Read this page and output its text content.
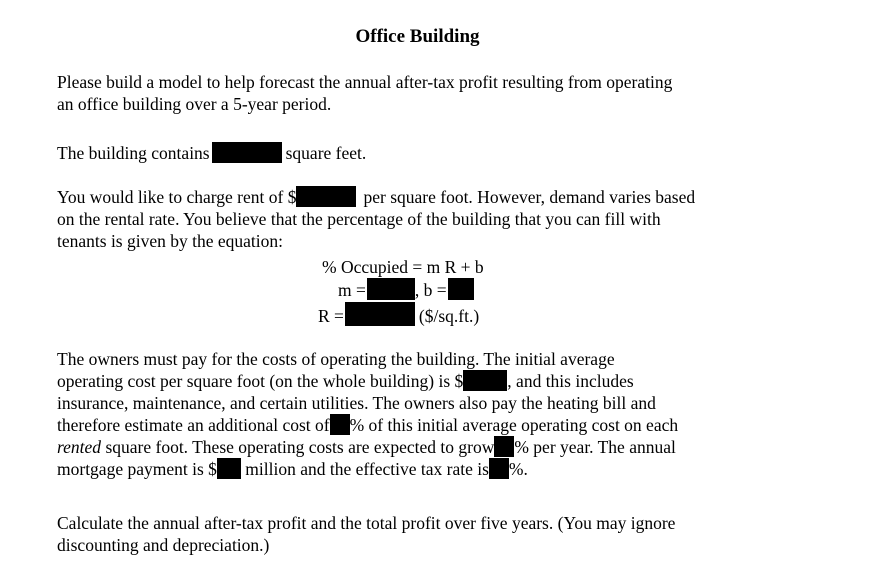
Office Building
Please build a model to help forecast the annual after-tax profit resulting from operating
an office building over a 5-year period.
The building contains	square feet.
You would like to charge rent of $	per square foot. However, demand varies based
on the rental rate. You believe that the percentage of the building that you can fill with
tenants is given by the equation:
% Occupied = m R + b
m =	, b =
R =	($/sq.ft.)
The owners must pay for the costs of operating the building. The initial average
operating cost per square foot (on the whole building) is $	, and this includes
insurance, maintenance, and certain utilities. The owners also pay the heating bill and
therefore estimate an additional cost of % of this initial average operating cost on each
rented square foot. These operating costs are expected to grow % per year. The annual
mortgage payment is $ million and the effective tax rate is %.
Calculate the annual after-tax profit and the total profit over five years. (You may ignore
discounting and depreciation.)
